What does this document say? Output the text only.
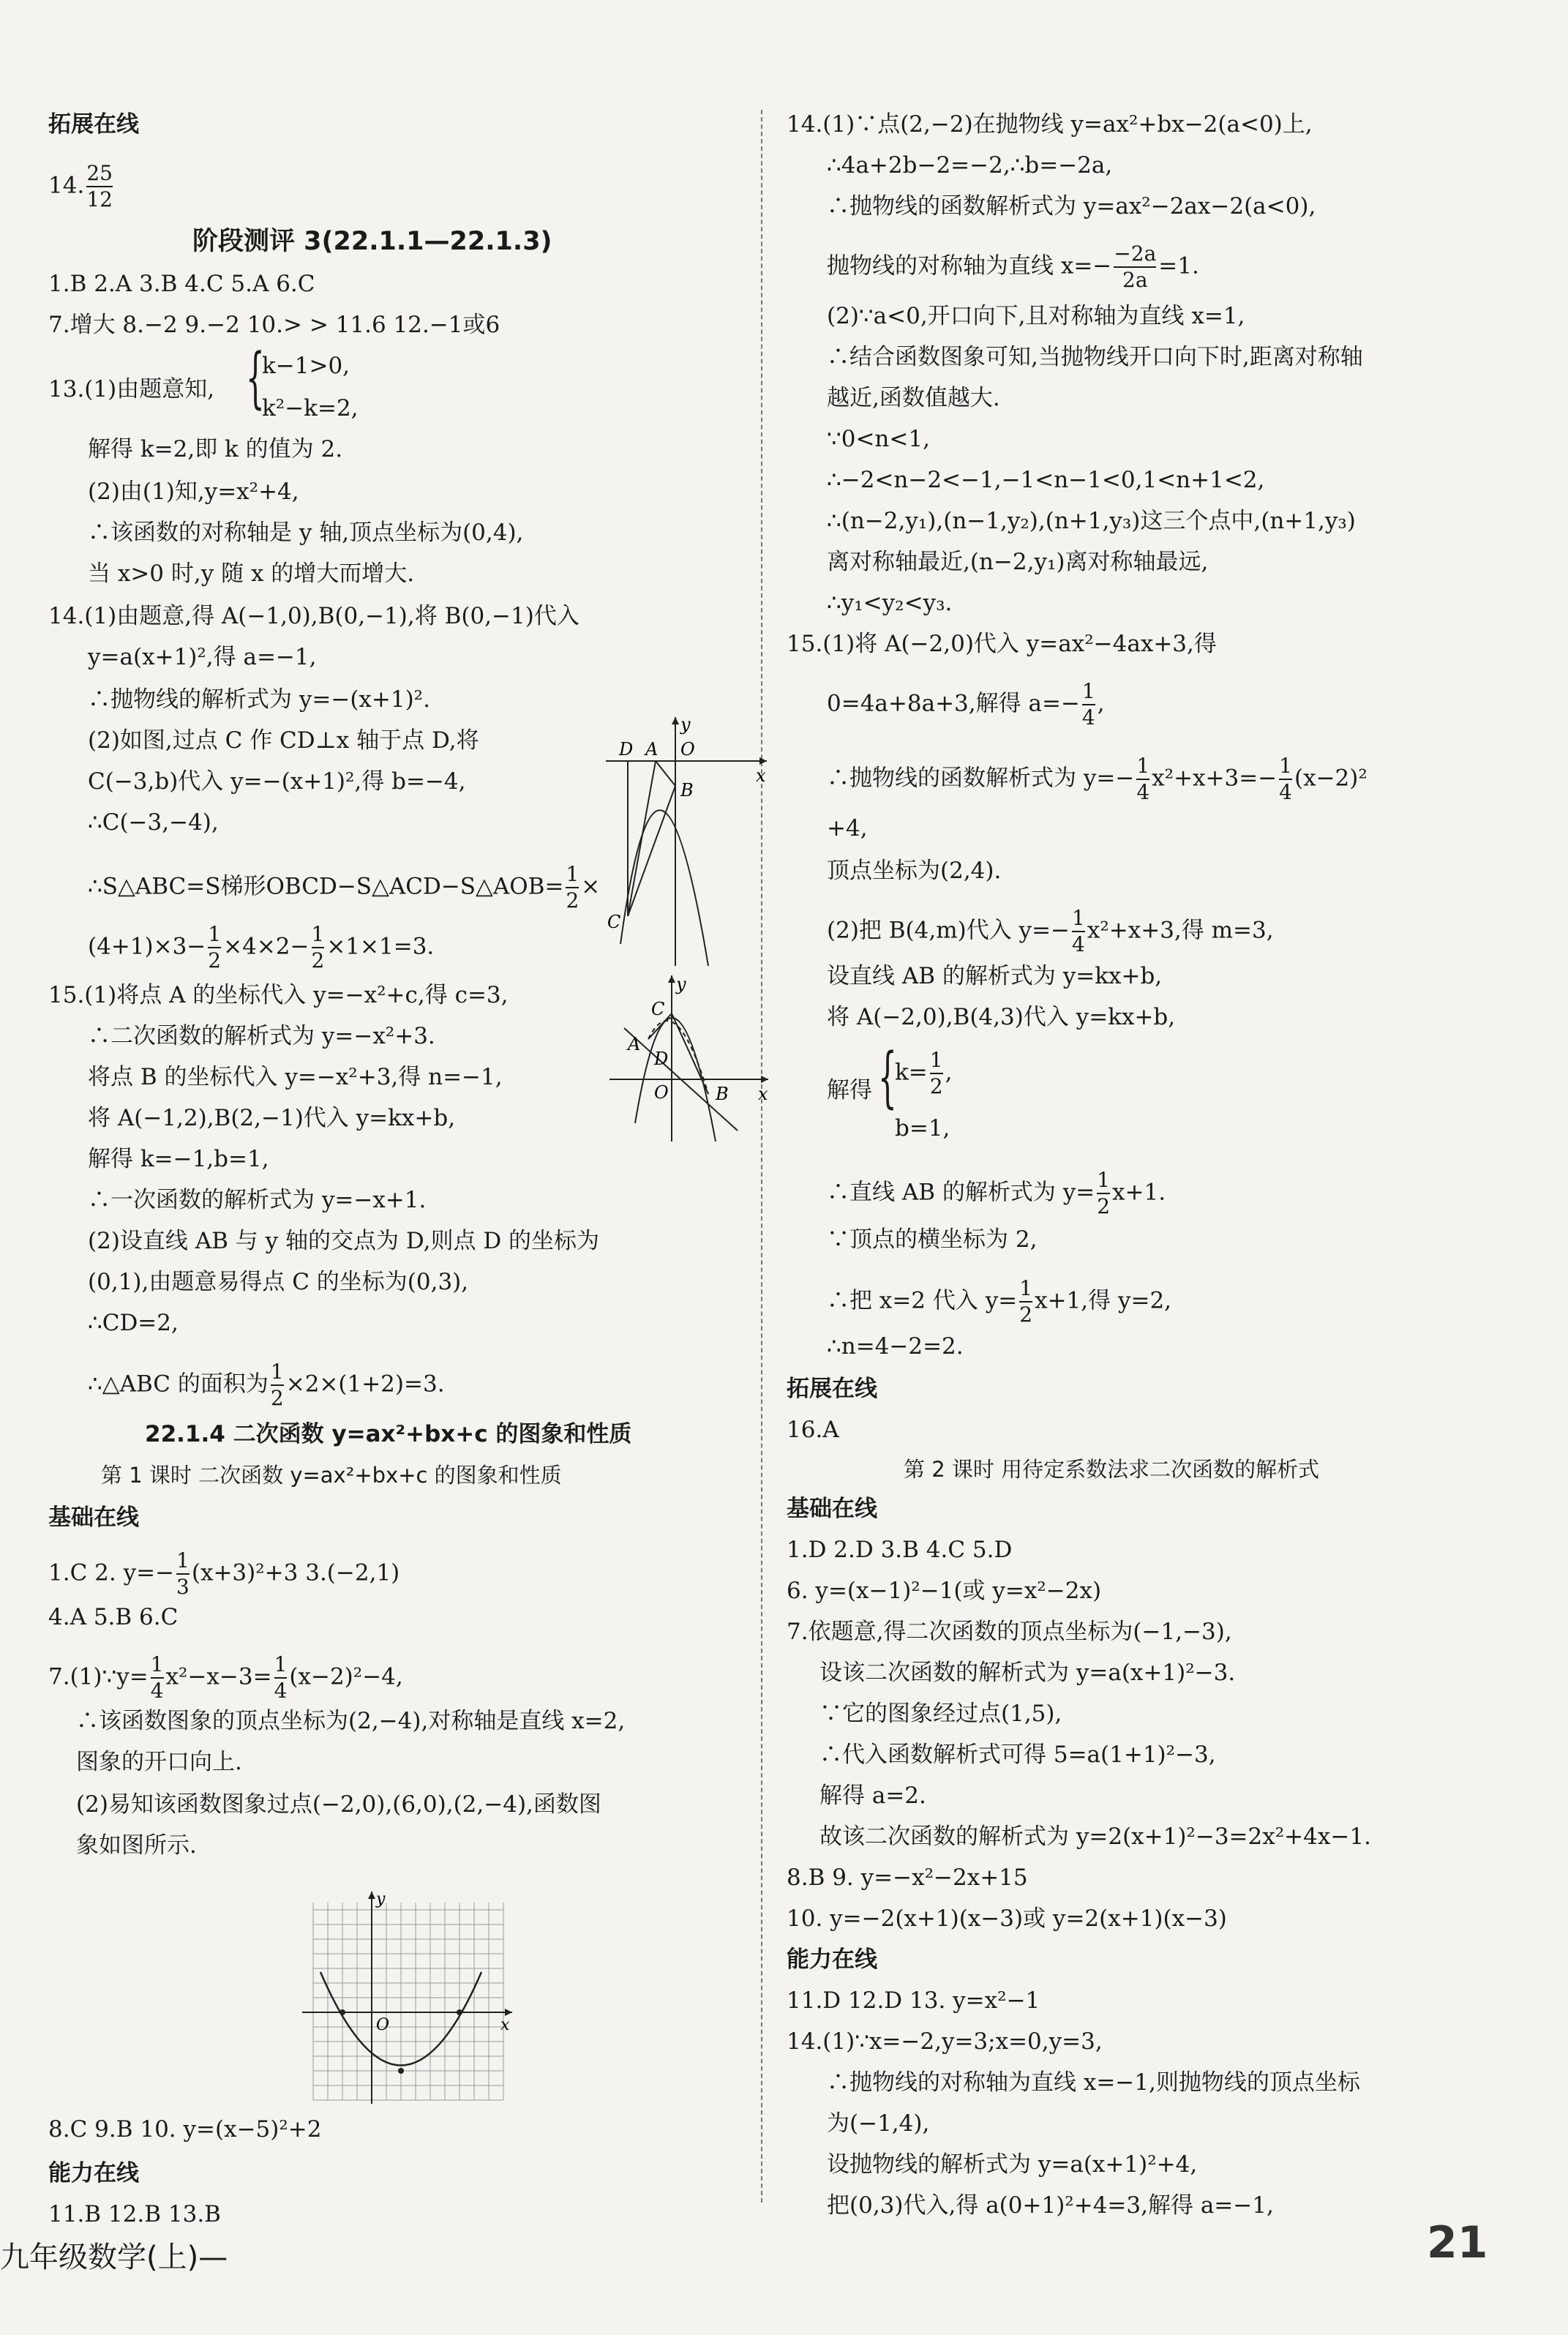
拓展在线
14. $\frac{25}{12}$
阶段测评 3(22.1.1—22.1.3)
1.B 2.A 3.B 4.C 5.A 6.C
7.增大 8.−2 9.−2 10.> > 11.6 12.−1或6
13.(1)由题意知, {
k−1>0,
k²−k=2,
解得 k=2,即 k 的值为 2.
(2)由(1)知,y=x²+4,
∴该函数的对称轴是 y 轴,顶点坐标为(0,4),
当 x>0 时,y 随 x 的增大而增大.
14.(1)由题意,得 A(−1,0),B(0,−1),将 B(0,−1)代入
y=a(x+1)²,得 a=−1,
∴抛物线的解析式为 y=−(x+1)².
(2)如图,过点 C 作 CD⊥x 轴于点 D,将
C(−3,b)代入 y=−(x+1)²,得 b=−4,
∴C(−3,−4),
∴S△ABC=S梯形OBCD−S△ACD−S△AOB= $\frac{1}{2}$ ×
$(4+1)\times 3- \frac{1}{2} \times 4\times 2- \frac{1}{2} \times 1\times 1=3$.
y
x
D A O
B
C
15.(1)将点 A 的坐标代入 y=−x²+c,得 c=3,
∴二次函数的解析式为 y=−x²+3.
将点 B 的坐标代入 y=−x²+3,得 n=−1,
将 A(−1,2),B(2,−1)代入 y=kx+b,
解得 k=−1,b=1,
∴一次函数的解析式为 y=−x+1.
(2)设直线 AB 与 y 轴的交点为 D,则点 D 的坐标为
(0,1),由题意易得点 C 的坐标为(0,3),
∴CD=2,
∴△ABC 的面积为 $\frac{1}{2} \times 2\times(1+2)=3$.
y
x
C
A
D
O	B
22.1.4 二次函数 y=ax²+bx+c 的图象和性质
第 1 课时 二次函数 y=ax²+bx+c 的图象和性质
基础在线
1.C 2. $y=- \frac{1}{3} (x+3)^2+3$ 3.(−2,1)
4.A 5.B 6.C
7.(1)∵y= $\frac{1}{4} x^2-x-3= \frac{1}{4} (x-2)^2-4$,
∴该函数图象的顶点坐标为(2,−4),对称轴是直线 x=2,
图象的开口向上.
(2)易知该函数图象过点(−2,0),(6,0),(2,−4),函数图
象如图所示.
y
x
O
8.C 9.B 10. y=(x−5)²+2
能力在线
11.B 12.B 13.B
14.(1)∵点(2,−2)在抛物线 y=ax²+bx−2(a<0)上,
∴4a+2b−2=−2,∴b=−2a,
∴抛物线的函数解析式为 y=ax²−2ax−2(a<0),
抛物线的对称轴为直线 $x=- \frac{-2a}{2a} =1$.
(2)∵a<0,开口向下,且对称轴为直线 x=1,
∴结合函数图象可知,当抛物线开口向下时,距离对称轴
越近,函数值越大.
∵0<n<1,
∴−2<n−2<−1,−1<n−1<0,1<n+1<2,
∴(n−2,y₁),(n−1,y₂),(n+1,y₃)这三个点中,(n+1,y₃)
离对称轴最近,(n−2,y₁)离对称轴最远,
∴y₁<y₂<y₃.
15.(1)将 A(−2,0)代入 y=ax²−4ax+3,得
0=4a+8a+3,解得 $a=- \frac{1}{4}$ ,
∴抛物线的函数解析式为 $y=- \frac{1}{4} x^2+x+3=- \frac{1}{4} (x-2)^2$
+4,
顶点坐标为(2,4).
(2)把 B(4,m)代入 $y=- \frac{1}{4} x^2+x+3$,得 m=3,
设直线 AB 的解析式为 y=kx+b,
将 A(−2,0),B(4,3)代入 y=kx+b,
解得 {
$k= \frac{1}{2}$ ,
b=1,
∴直线 AB 的解析式为 $y= \frac{1}{2} x+1$.
∵顶点的横坐标为 2,
∴把 x=2 代入 $y= \frac{1}{2} x+1$,得 y=2,
∴n=4−2=2.
拓展在线
16.A
第 2 课时 用待定系数法求二次函数的解析式
基础在线
1.D 2.D 3.B 4.C 5.D
6. y=(x−1)²−1(或 y=x²−2x)
7.依题意,得二次函数的顶点坐标为(−1,−3),
设该二次函数的解析式为 y=a(x+1)²−3.
∵它的图象经过点(1,5),
∴代入函数解析式可得 5=a(1+1)²−3,
解得 a=2.
故该二次函数的解析式为 y=2(x+1)²−3=2x²+4x−1.
8.B 9. y=−x²−2x+15
10. y=−2(x+1)(x−3)或 y=2(x+1)(x−3)
能力在线
11.D 12.D 13. y=x²−1
14.(1)∵x=−2,y=3;x=0,y=3,
∴抛物线的对称轴为直线 x=−1,则抛物线的顶点坐标
为(−1,4),
设抛物线的解析式为 y=a(x+1)²+4,
把(0,3)代入,得 a(0+1)²+4=3,解得 a=−1,
九年级数学(上)—	21
